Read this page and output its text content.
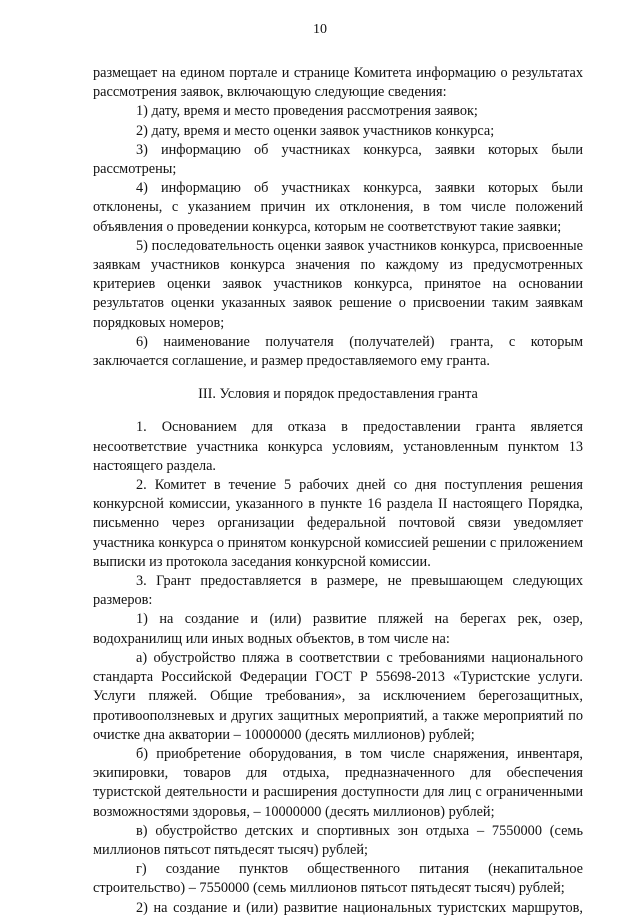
10

размещает на едином портале и странице Комитета информацию о результатах рассмотрения заявок, включающую следующие сведения:

1) дату, время и место проведения рассмотрения заявок;

2) дату, время и место оценки заявок участников конкурса;

3) информацию об участниках конкурса, заявки которых были рассмотрены;

4) информацию об участниках конкурса, заявки которых были отклонены, с указанием причин их отклонения, в том числе положений объявления о проведении конкурса, которым не соответствуют такие заявки;

5) последовательность оценки заявок участников конкурса, присвоенные заявкам участников конкурса значения по каждому из предусмотренных критериев оценки заявок участников конкурса, принятое на основании результатов оценки указанных заявок решение о присвоении таким заявкам порядковых номеров;

6) наименование получателя (получателей) гранта, с которым заключается соглашение, и размер предоставляемого ему гранта.

III. Условия и порядок предоставления гранта

1. Основанием для отказа в предоставлении гранта является несоответствие участника конкурса условиям, установленным пунктом 13 настоящего раздела.

2. Комитет в течение 5 рабочих дней со дня поступления решения конкурсной комиссии, указанного в пункте 16 раздела II настоящего Порядка, письменно через организации федеральной почтовой связи уведомляет участника конкурса о принятом конкурсной комиссией решении с приложением выписки из протокола заседания конкурсной комиссии.

3. Грант предоставляется в размере, не превышающем следующих размеров:

1) на создание и (или) развитие пляжей на берегах рек, озер, водохранилищ или иных водных объектов, в том числе на:

а) обустройство пляжа в соответствии с требованиями национального стандарта Российской Федерации ГОСТ Р 55698-2013 «Туристские услуги. Услуги пляжей. Общие требования», за исключением берегозащитных, противооползневых и других защитных мероприятий, а также мероприятий по очистке дна акватории – 10000000 (десять миллионов) рублей;

б) приобретение оборудования, в том числе снаряжения, инвентаря, экипировки, товаров для отдыха, предназначенного для обеспечения туристской деятельности и расширения доступности для лиц с ограниченными возможностями здоровья, – 10000000 (десять миллионов) рублей;

в) обустройство детских и спортивных зон отдыха – 7550000 (семь миллионов пятьсот пятьдесят тысяч) рублей;

г) создание пунктов общественного питания (некапитальное строительство) – 7550000 (семь миллионов пятьсот пятьдесят тысяч) рублей;

2) на создание и (или) развитие национальных туристских маршрутов,
